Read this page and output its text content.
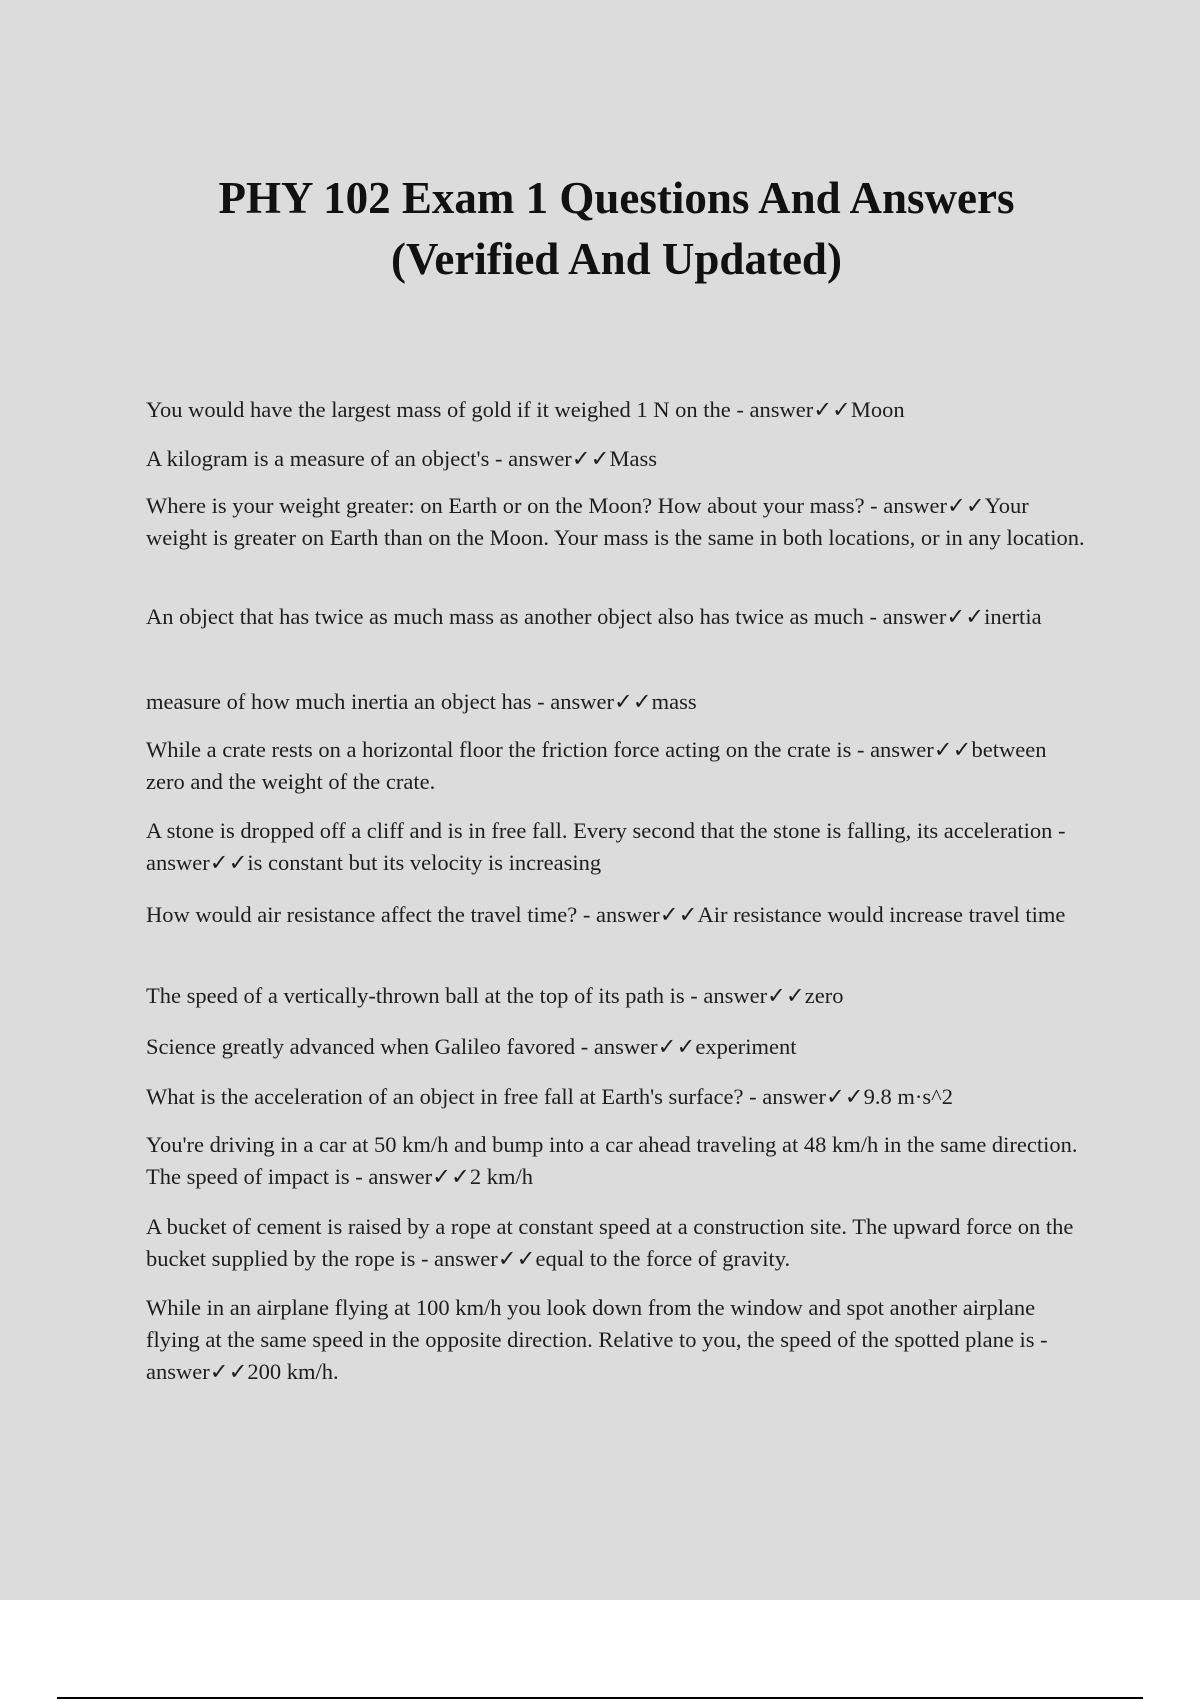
PHY 102 Exam 1 Questions And Answers
(Verified And Updated)

You would have the largest mass of gold if it weighed 1 N on the - answer✓✓Moon

A kilogram is a measure of an object's - answer✓✓Mass

Where is your weight greater: on Earth or on the Moon? How about your mass? - answer✓✓Your weight is greater on Earth than on the Moon. Your mass is the same in both locations, or in any location.

An object that has twice as much mass as another object also has twice as much - answer✓✓inertia

measure of how much inertia an object has - answer✓✓mass

While a crate rests on a horizontal floor the friction force acting on the crate is - answer✓✓between zero and the weight of the crate.

A stone is dropped off a cliff and is in free fall. Every second that the stone is falling, its acceleration - answer✓✓is constant but its velocity is increasing

How would air resistance affect the travel time? - answer✓✓Air resistance would increase travel time

The speed of a vertically-thrown ball at the top of its path is - answer✓✓zero

Science greatly advanced when Galileo favored - answer✓✓experiment

What is the acceleration of an object in free fall at Earth's surface? - answer✓✓9.8 m·s^2

You're driving in a car at 50 km/h and bump into a car ahead traveling at 48 km/h in the same direction. The speed of impact is - answer✓✓2 km/h

A bucket of cement is raised by a rope at constant speed at a construction site. The upward force on the bucket supplied by the rope is - answer✓✓equal to the force of gravity.

While in an airplane flying at 100 km/h you look down from the window and spot another airplane flying at the same speed in the opposite direction. Relative to you, the speed of the spotted plane is - answer✓✓200 km/h.
